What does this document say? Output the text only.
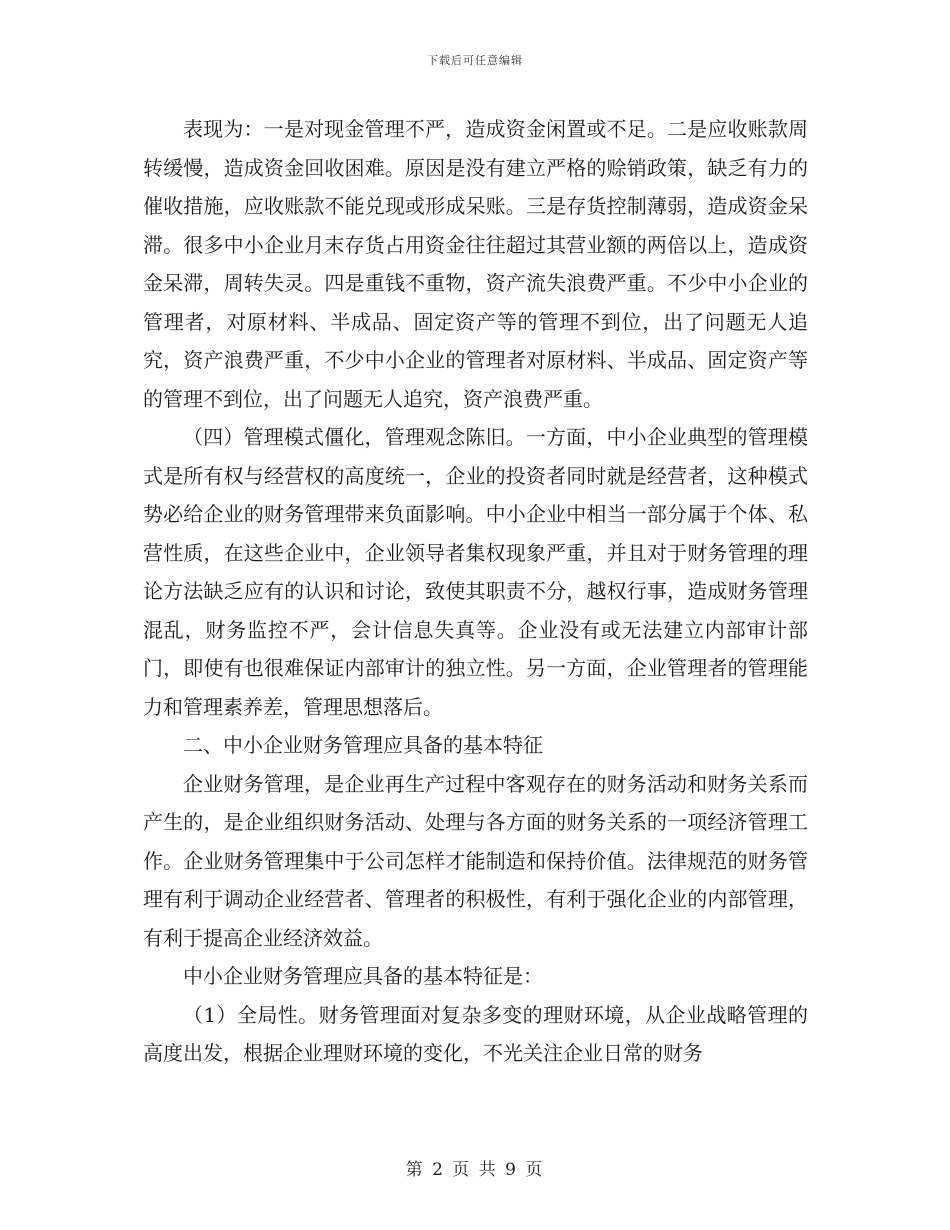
下载后可任意编辑

表现为：一是对现金管理不严，造成资金闲置或不足。二是应收账款周转缓慢，造成资金回收困难。原因是没有建立严格的赊销政策，缺乏有力的催收措施，应收账款不能兑现或形成呆账。三是存货控制薄弱，造成资金呆滞。很多中小企业月末存货占用资金往往超过其营业额的两倍以上，造成资金呆滞，周转失灵。四是重钱不重物，资产流失浪费严重。不少中小企业的管理者，对原材料、半成品、固定资产等的管理不到位，出了问题无人追究，资产浪费严重，不少中小企业的管理者对原材料、半成品、固定资产等的管理不到位，出了问题无人追究，资产浪费严重。

（四）管理模式僵化，管理观念陈旧。一方面，中小企业典型的管理模式是所有权与经营权的高度统一，企业的投资者同时就是经营者，这种模式势必给企业的财务管理带来负面影响。中小企业中相当一部分属于个体、私营性质，在这些企业中，企业领导者集权现象严重，并且对于财务管理的理论方法缺乏应有的认识和讨论，致使其职责不分，越权行事，造成财务管理混乱，财务监控不严，会计信息失真等。企业没有或无法建立内部审计部门，即使有也很难保证内部审计的独立性。另一方面，企业管理者的管理能力和管理素养差，管理思想落后。

二、中小企业财务管理应具备的基本特征

企业财务管理，是企业再生产过程中客观存在的财务活动和财务关系而产生的，是企业组织财务活动、处理与各方面的财务关系的一项经济管理工作。企业财务管理集中于公司怎样才能制造和保持价值。法律规范的财务管理有利于调动企业经营者、管理者的积极性，有利于强化企业的内部管理，有利于提高企业经济效益。

中小企业财务管理应具备的基本特征是：

（1）全局性。财务管理面对复杂多变的理财环境，从企业战略管理的高度出发，根据企业理财环境的变化，不光关注企业日常的财务

第 2 页 共 9 页
